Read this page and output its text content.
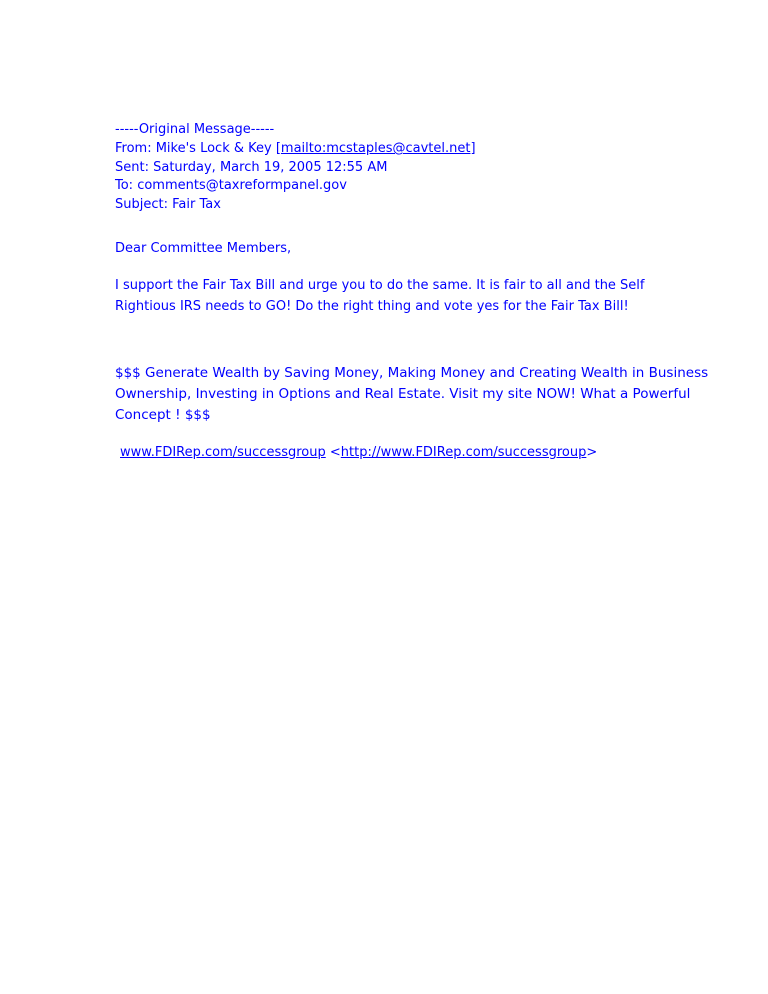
-----Original Message-----
From: Mike's Lock & Key [mailto:mcstaples@cavtel.net]
Sent: Saturday, March 19, 2005 12:55 AM
To: comments@taxreformpanel.gov
Subject: Fair Tax
Dear Committee Members,
I support the Fair Tax Bill and urge you to do the same. It is fair to all and the Self
Rightious IRS needs to GO! Do the right thing and vote yes for the Fair Tax Bill!
$$$ Generate Wealth by Saving Money, Making Money and Creating Wealth in Business
Ownership, Investing in Options and Real Estate. Visit my site NOW! What a Powerful
Concept ! $$$
www.FDIRep.com/successgroup <http://www.FDIRep.com/successgroup>
